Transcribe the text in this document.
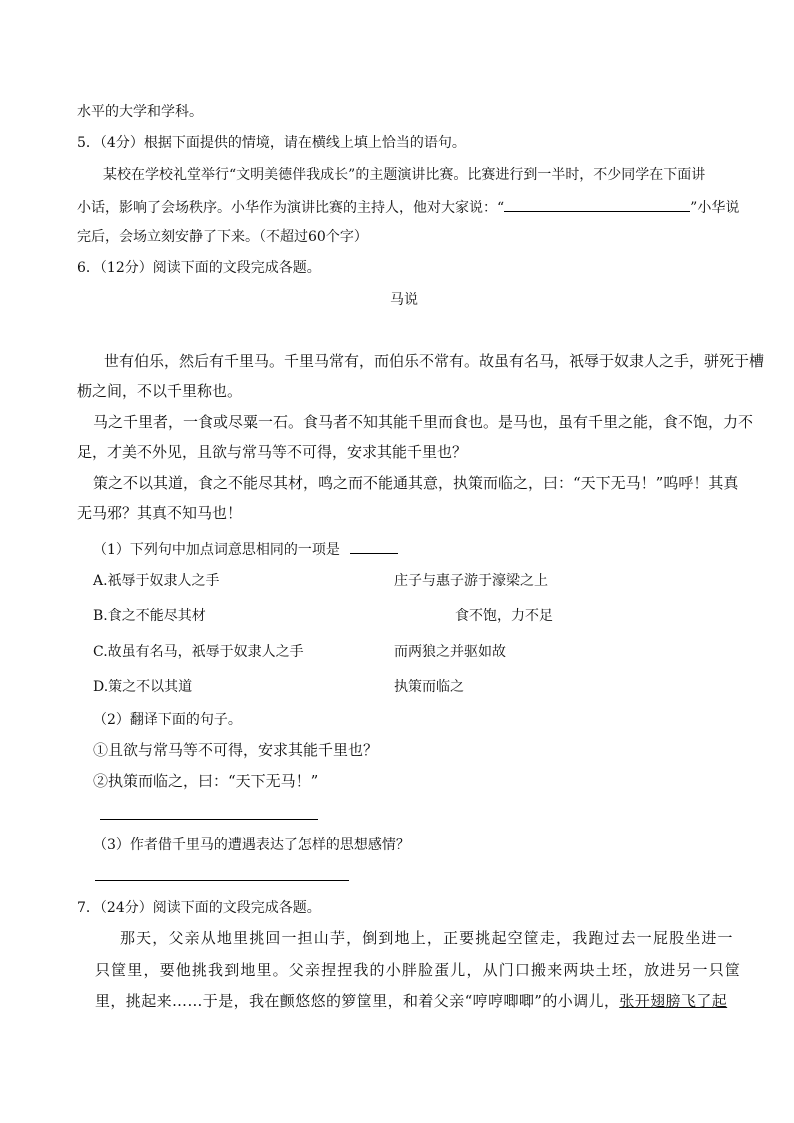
水平的大学和学科。
5．（4分）根据下面提供的情境，请在横线上填上恰当的语句。
某校在学校礼堂举行“文明美德伴我成长”的主题演讲比赛。比赛进行到一半时，不少同学在下面讲
小话，影响了会场秩序。小华作为演讲比赛的主持人，他对大家说：“	”小华说
完后，会场立刻安静了下来。（不超过60个字）
6．（12分）阅读下面的文段完成各题。
马说
世有伯乐，然后有千里马。千里马常有，而伯乐不常有。故虽有名马，祇辱于奴隶人之手，骈死于槽
枥之间，不以千里称也。
马之千里者，一食或尽粟一石。食马者不知其能千里而食也。是马也，虽有千里之能，食不饱，力不
足，才美不外见，且欲与常马等不可得，安求其能千里也？
策之不以其道，食之不能尽其材，鸣之而不能通其意，执策而临之，曰：“天下无马！”呜呼！其真
无马邪？其真不知马也！
（1）下列句中加点词意思相同的一项是
A.祇辱于奴隶人之手	庄子与惠子游于濠梁之上
B.食之不能尽其材	食不饱，力不足
C.故虽有名马，祇辱于奴隶人之手	而两狼之并驱如故
D.策之不以其道	执策而临之
（2）翻译下面的句子。
①且欲与常马等不可得，安求其能千里也？
②执策而临之，曰：“天下无马！”
（3）作者借千里马的遭遇表达了怎样的思想感情？
7．（24分）阅读下面的文段完成各题。
那天，父亲从地里挑回一担山芋，倒到地上，正要挑起空筐走，我跑过去一屁股坐进一
只筐里，要他挑我到地里。父亲捏捏我的小胖脸蛋儿，从门口搬来两块土坯，放进另一只筐
里，挑起来……于是，我在颤悠悠的箩筐里，和着父亲“哼哼唧唧”的小调儿，张开翅膀飞了起
